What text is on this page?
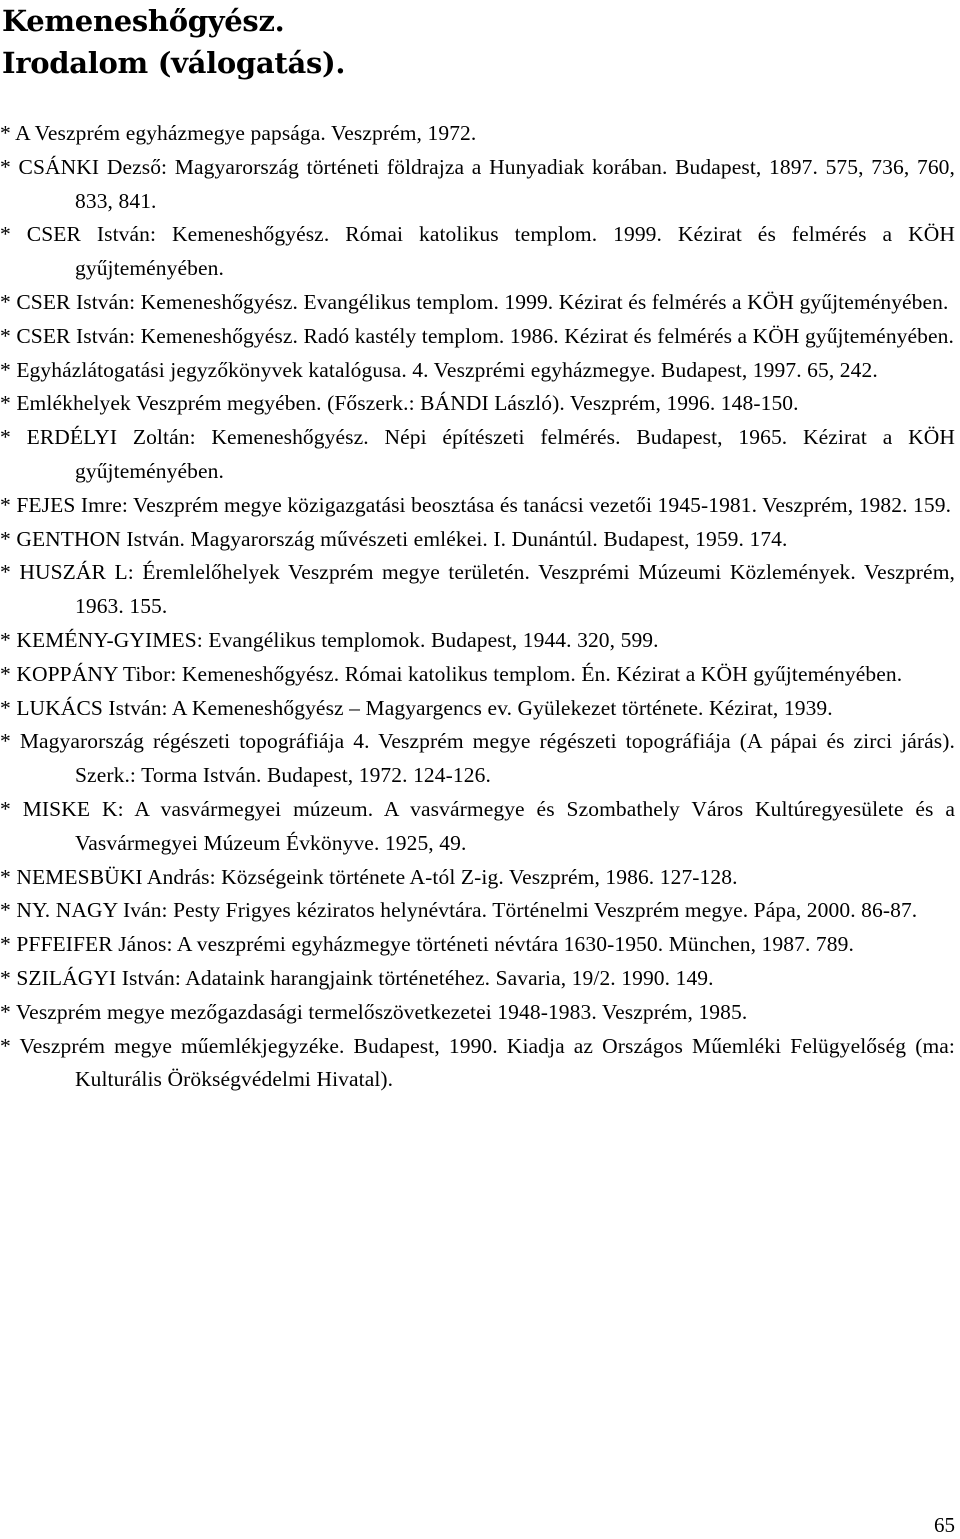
Kemeneshőgyész.
Irodalom (válogatás).
* A Veszprém egyházmegye papsága. Veszprém, 1972.
* CSÁNKI Dezső: Magyarország történeti földrajza a Hunyadiak korában. Budapest, 1897. 575, 736, 760, 833, 841.
* CSER István: Kemeneshőgyész. Római katolikus templom. 1999. Kézirat és felmérés a KÖH gyűjteményében.
* CSER István: Kemeneshőgyész. Evangélikus templom. 1999. Kézirat és felmérés a KÖH gyűjteményében.
* CSER István: Kemeneshőgyész. Radó kastély templom. 1986. Kézirat és felmérés a KÖH gyűjteményében.
* Egyházlátogatási jegyzőkönyvek katalógusa. 4. Veszprémi egyházmegye. Budapest, 1997. 65, 242.
* Emlékhelyek Veszprém megyében. (Főszerk.: BÁNDI László). Veszprém, 1996. 148-150.
* ERDÉLYI Zoltán: Kemeneshőgyész. Népi építészeti felmérés. Budapest, 1965. Kézirat a KÖH gyűjteményében.
* FEJES Imre: Veszprém megye közigazgatási beosztása és tanácsi vezetői 1945-1981. Veszprém, 1982. 159.
* GENTHON István. Magyarország művészeti emlékei. I. Dunántúl. Budapest, 1959. 174.
* HUSZÁR L: Éremlelőhelyek Veszprém megye területén. Veszprémi Múzeumi Közlemények. Veszprém, 1963. 155.
* KEMÉNY-GYIMES: Evangélikus templomok. Budapest, 1944. 320, 599.
* KOPPÁNY Tibor: Kemeneshőgyész. Római katolikus templom. Én. Kézirat a KÖH gyűjteményében.
* LUKÁCS István: A Kemeneshőgyész – Magyargencs ev. Gyülekezet története. Kézirat, 1939.
* Magyarország régészeti topográfiája 4. Veszprém megye régészeti topográfiája (A pápai és zirci járás). Szerk.: Torma István. Budapest, 1972. 124-126.
* MISKE K: A vasvármegyei múzeum. A vasvármegye és Szombathely Város Kultúregyesülete és a Vasvármegyei Múzeum Évkönyve. 1925, 49.
* NEMESBÜKI András: Községeink története A-tól Z-ig. Veszprém, 1986. 127-128.
* NY. NAGY Iván: Pesty Frigyes kéziratos helynévtára. Történelmi Veszprém megye. Pápa, 2000. 86-87.
* PFFEIFER János: A veszprémi egyházmegye történeti névtára 1630-1950. München, 1987. 789.
* SZILÁGYI István: Adataink harangjaink történetéhez. Savaria, 19/2. 1990. 149.
* Veszprém megye mezőgazdasági termelőszövetkezetei 1948-1983. Veszprém, 1985.
* Veszprém megye műemlékjegyzéke. Budapest, 1990. Kiadja az Országos Műemléki Felügyelőség (ma: Kulturális Örökségvédelmi Hivatal).
65
